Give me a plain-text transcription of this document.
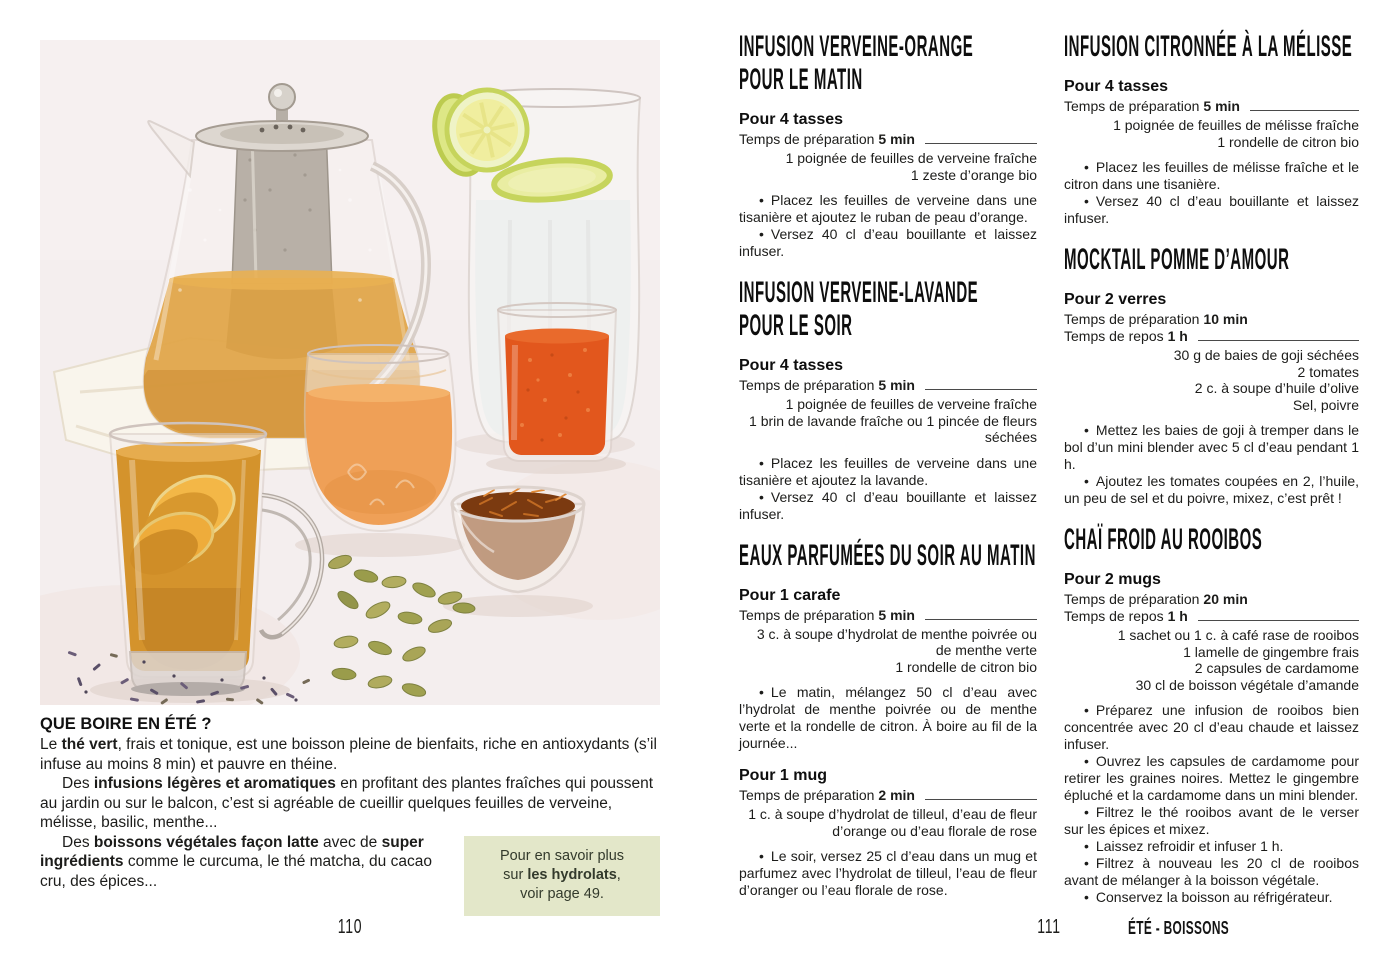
QUE BOIRE EN ÉTÉ ?

Le thé vert, frais et tonique, est une boisson pleine de bienfaits, riche en antioxydants (s’il infuse au moins 8 min) et pauvre en théine.

Des infusions légères et aromatiques en profitant des plantes fraîches qui poussent au jardin ou sur le balcon, c’est si agréable de cueillir quelques feuilles de verveine, mélisse, basilic, menthe...

Des boissons végétales façon latte avec de super ingrédients comme le curcuma, le thé matcha, du cacao cru, des épices...

Pour en savoir plus
sur les hydrolats,
voir page 49.
110
INFUSION VERVEINE-ORANGE
POUR LE MATIN
Pour 4 tasses
Temps de préparation 5 min
1 poignée de feuilles de verveine fraîche
1 zeste d’orange bio

• Placez les feuilles de verveine dans une tisanière et ajoutez le ruban de peau d’orange.

• Versez 40 cl d’eau bouillante et laissez infuser.

INFUSION VERVEINE-LAVANDE
POUR LE SOIR
Pour 4 tasses
Temps de préparation 5 min
1 poignée de feuilles de verveine fraîche
1 brin de lavande fraîche ou 1 pincée de fleurs séchées

• Placez les feuilles de verveine dans une tisanière et ajoutez la lavande.

• Versez 40 cl d’eau bouillante et laissez infuser.

EAUX PARFUMÉES DU SOIR AU MATIN
Pour 1 carafe
Temps de préparation 5 min
3 c. à soupe d’hydrolat de menthe poivrée ou de menthe verte
1 rondelle de citron bio

• Le matin, mélangez 50 cl d’eau avec l’hydrolat de menthe poivrée ou de menthe verte et la rondelle de citron. À boire au fil de la journée...

Pour 1 mug
Temps de préparation 2 min
1 c. à soupe d’hydrolat de tilleul, d’eau de fleur d’orange ou d’eau florale de rose

• Le soir, versez 25 cl d’eau dans un mug et parfumez avec l’hydrolat de tilleul, l’eau de fleur d’oranger ou l’eau florale de rose.

INFUSION CITRONNÉE À LA MÉLISSE
Pour 4 tasses
Temps de préparation 5 min
1 poignée de feuilles de mélisse fraîche
1 rondelle de citron bio

• Placez les feuilles de mélisse fraîche et le citron dans une tisanière.

• Versez 40 cl d’eau bouillante et laissez infuser.

MOCKTAIL POMME D’AMOUR
Pour 2 verres
Temps de préparation 10 min
Temps de repos 1 h
30 g de baies de goji séchées
2 tomates
2 c. à soupe d’huile d’olive
Sel, poivre

• Mettez les baies de goji à tremper dans le bol d’un mini blender avec 5 cl d’eau pendant 1 h.

• Ajoutez les tomates coupées en 2, l’huile, un peu de sel et du poivre, mixez, c’est prêt !

CHAÏ FROID AU ROOIBOS
Pour 2 mugs
Temps de préparation 20 min
Temps de repos 1 h
1 sachet ou 1 c. à café rase de rooibos
1 lamelle de gingembre frais
2 capsules de cardamome
30 cl de boisson végétale d’amande

• Préparez une infusion de rooibos bien concentrée avec 20 cl d’eau chaude et laissez infuser.

• Ouvrez les capsules de cardamome pour retirer les graines noires. Mettez le gingembre épluché et la cardamome dans un mini blender.

• Filtrez le thé rooibos avant de le verser sur les épices et mixez.

• Laissez refroidir et infuser 1 h.

• Filtrez à nouveau les 20 cl de rooibos avant de mélanger à la boisson végétale.

• Conservez la boisson au réfrigérateur.

111	ÉTÉ - BOISSONS
